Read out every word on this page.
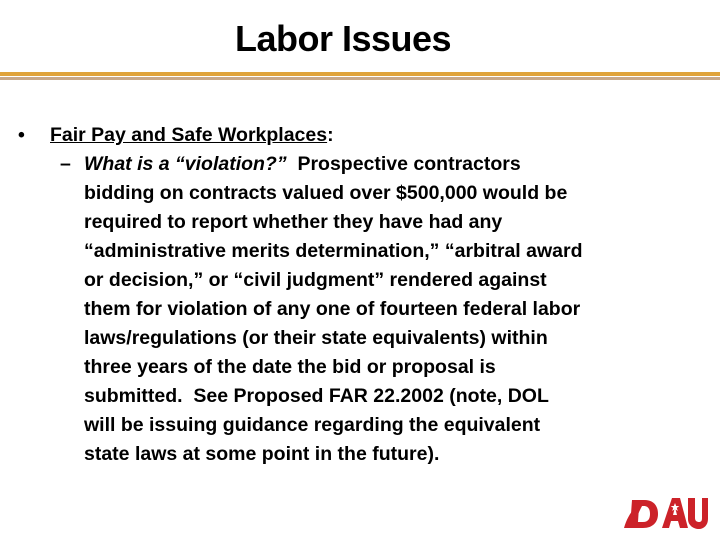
Labor Issues
•	Fair Pay and Safe Workplaces:
– What is a “violation?”  Prospective contractors
bidding on contracts valued over $500,000 would be
required to report whether they have had any
“administrative merits determination,” “arbitral award
or decision,” or “civil judgment” rendered against
them for violation of any one of fourteen federal labor
laws/regulations (or their state equivalents) within
three years of the date the bid or proposal is
submitted.  See Proposed FAR 22.2002 (note, DOL
will be issuing guidance regarding the equivalent
state laws at some point in the future).
